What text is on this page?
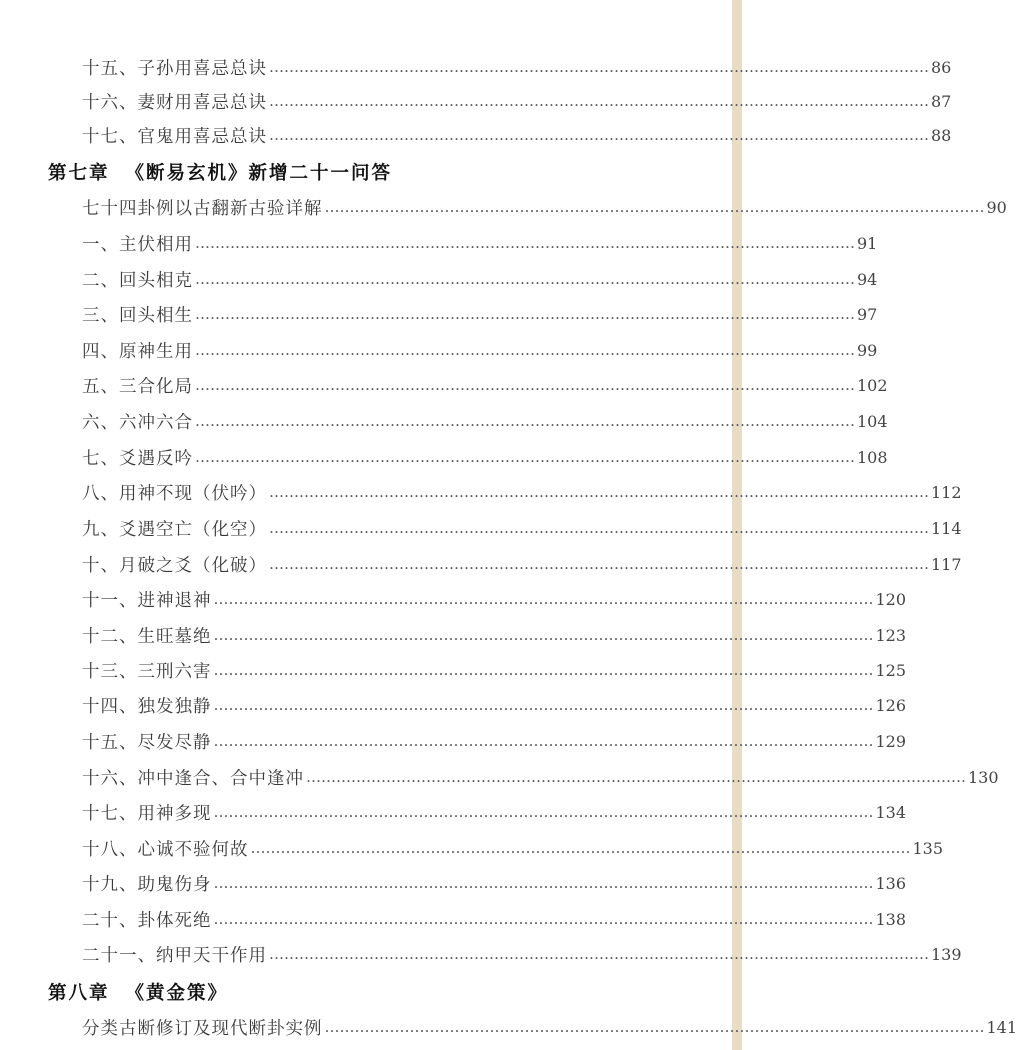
十五、子孙用喜忌总诀 …………………………………………………………………………………………………………………… 86
十六、妻财用喜忌总诀 …………………………………………………………………………………………………………………… 87
十七、官鬼用喜忌总诀 …………………………………………………………………………………………………………………… 88
第七章 《断易玄机》新增二十一问答
七十四卦例以古翻新古验详解 …………………………………………………………………………………………………………………… 90
一、主伏相用 …………………………………………………………………………………………………………………… 91
二、回头相克 …………………………………………………………………………………………………………………… 94
三、回头相生 …………………………………………………………………………………………………………………… 97
四、原神生用 …………………………………………………………………………………………………………………… 99
五、三合化局 …………………………………………………………………………………………………………………… 102
六、六冲六合 …………………………………………………………………………………………………………………… 104
七、爻遇反吟 …………………………………………………………………………………………………………………… 108
八、用神不现（伏吟） …………………………………………………………………………………………………………………… 112
九、爻遇空亡（化空） …………………………………………………………………………………………………………………… 114
十、月破之爻（化破） …………………………………………………………………………………………………………………… 117
十一、进神退神 …………………………………………………………………………………………………………………… 120
十二、生旺墓绝 …………………………………………………………………………………………………………………… 123
十三、三刑六害 …………………………………………………………………………………………………………………… 125
十四、独发独静 …………………………………………………………………………………………………………………… 126
十五、尽发尽静 …………………………………………………………………………………………………………………… 129
十六、冲中逢合、合中逢冲 …………………………………………………………………………………………………………………… 130
十七、用神多现 …………………………………………………………………………………………………………………… 134
十八、心诚不验何故 …………………………………………………………………………………………………………………… 135
十九、助鬼伤身 …………………………………………………………………………………………………………………… 136
二十、卦体死绝 …………………………………………………………………………………………………………………… 138
二十一、纳甲天干作用 …………………………………………………………………………………………………………………… 139
第八章 《黄金策》
分类古断修订及现代断卦实例 …………………………………………………………………………………………………………………… 141
